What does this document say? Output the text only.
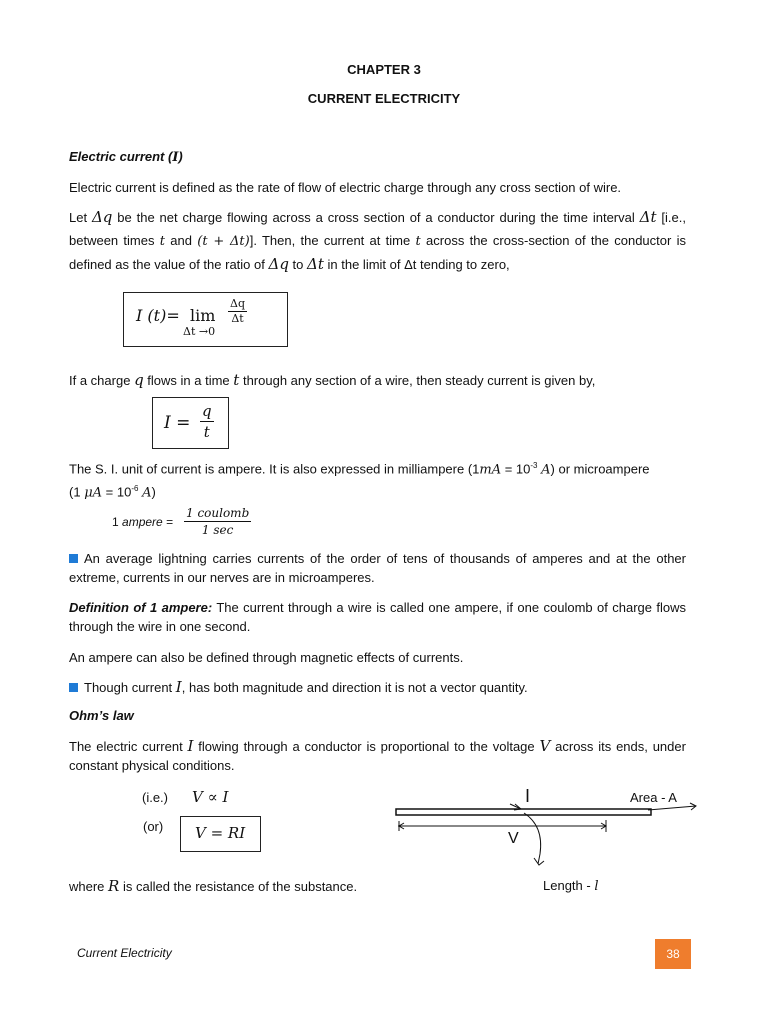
CHAPTER 3
CURRENT ELECTRICITY
Electric current (I)
Electric current is defined as the rate of flow of electric charge through any cross section of wire.
Let Δq be the net charge flowing across a cross section of a conductor during the time interval Δt [i.e., between times t and (t + Δt)]. Then, the current at time t across the cross-section of the conductor is defined as the value of the ratio of Δq to Δt in the limit of Δt tending to zero,
I (t)= lim
Δt →0
$\frac{\Delta q}{\Delta t}$
If a charge q flows in a time t through any section of a wire, then steady current is given by,
$I = \frac{q}{t}$
The S. I. unit of current is ampere. It is also expressed in milliampere ($1mA = 10^{-3}$ A) or microampere
(1 $\mu A = 10^{-6}$ A)
1 ampere =
1 coulomb
1 sec
An average lightning carries currents of the order of tens of thousands of amperes and at the other extreme, currents in our nerves are in microamperes.
Definition of 1 ampere: The current through a wire is called one ampere, if one coulomb of charge flows through the wire in one second.
An ampere can also be defined through magnetic effects of currents.
Though current I, has both magnitude and direction it is not a vector quantity.
Ohm’s law
The electric current I flowing through a conductor is proportional to the voltage V across its ends, under constant physical conditions.
(i.e.) V ∝ I
(or) V = RI
I
V
Area - A
Length - l
where R is called the resistance of the substance.
Current Electricity	38
